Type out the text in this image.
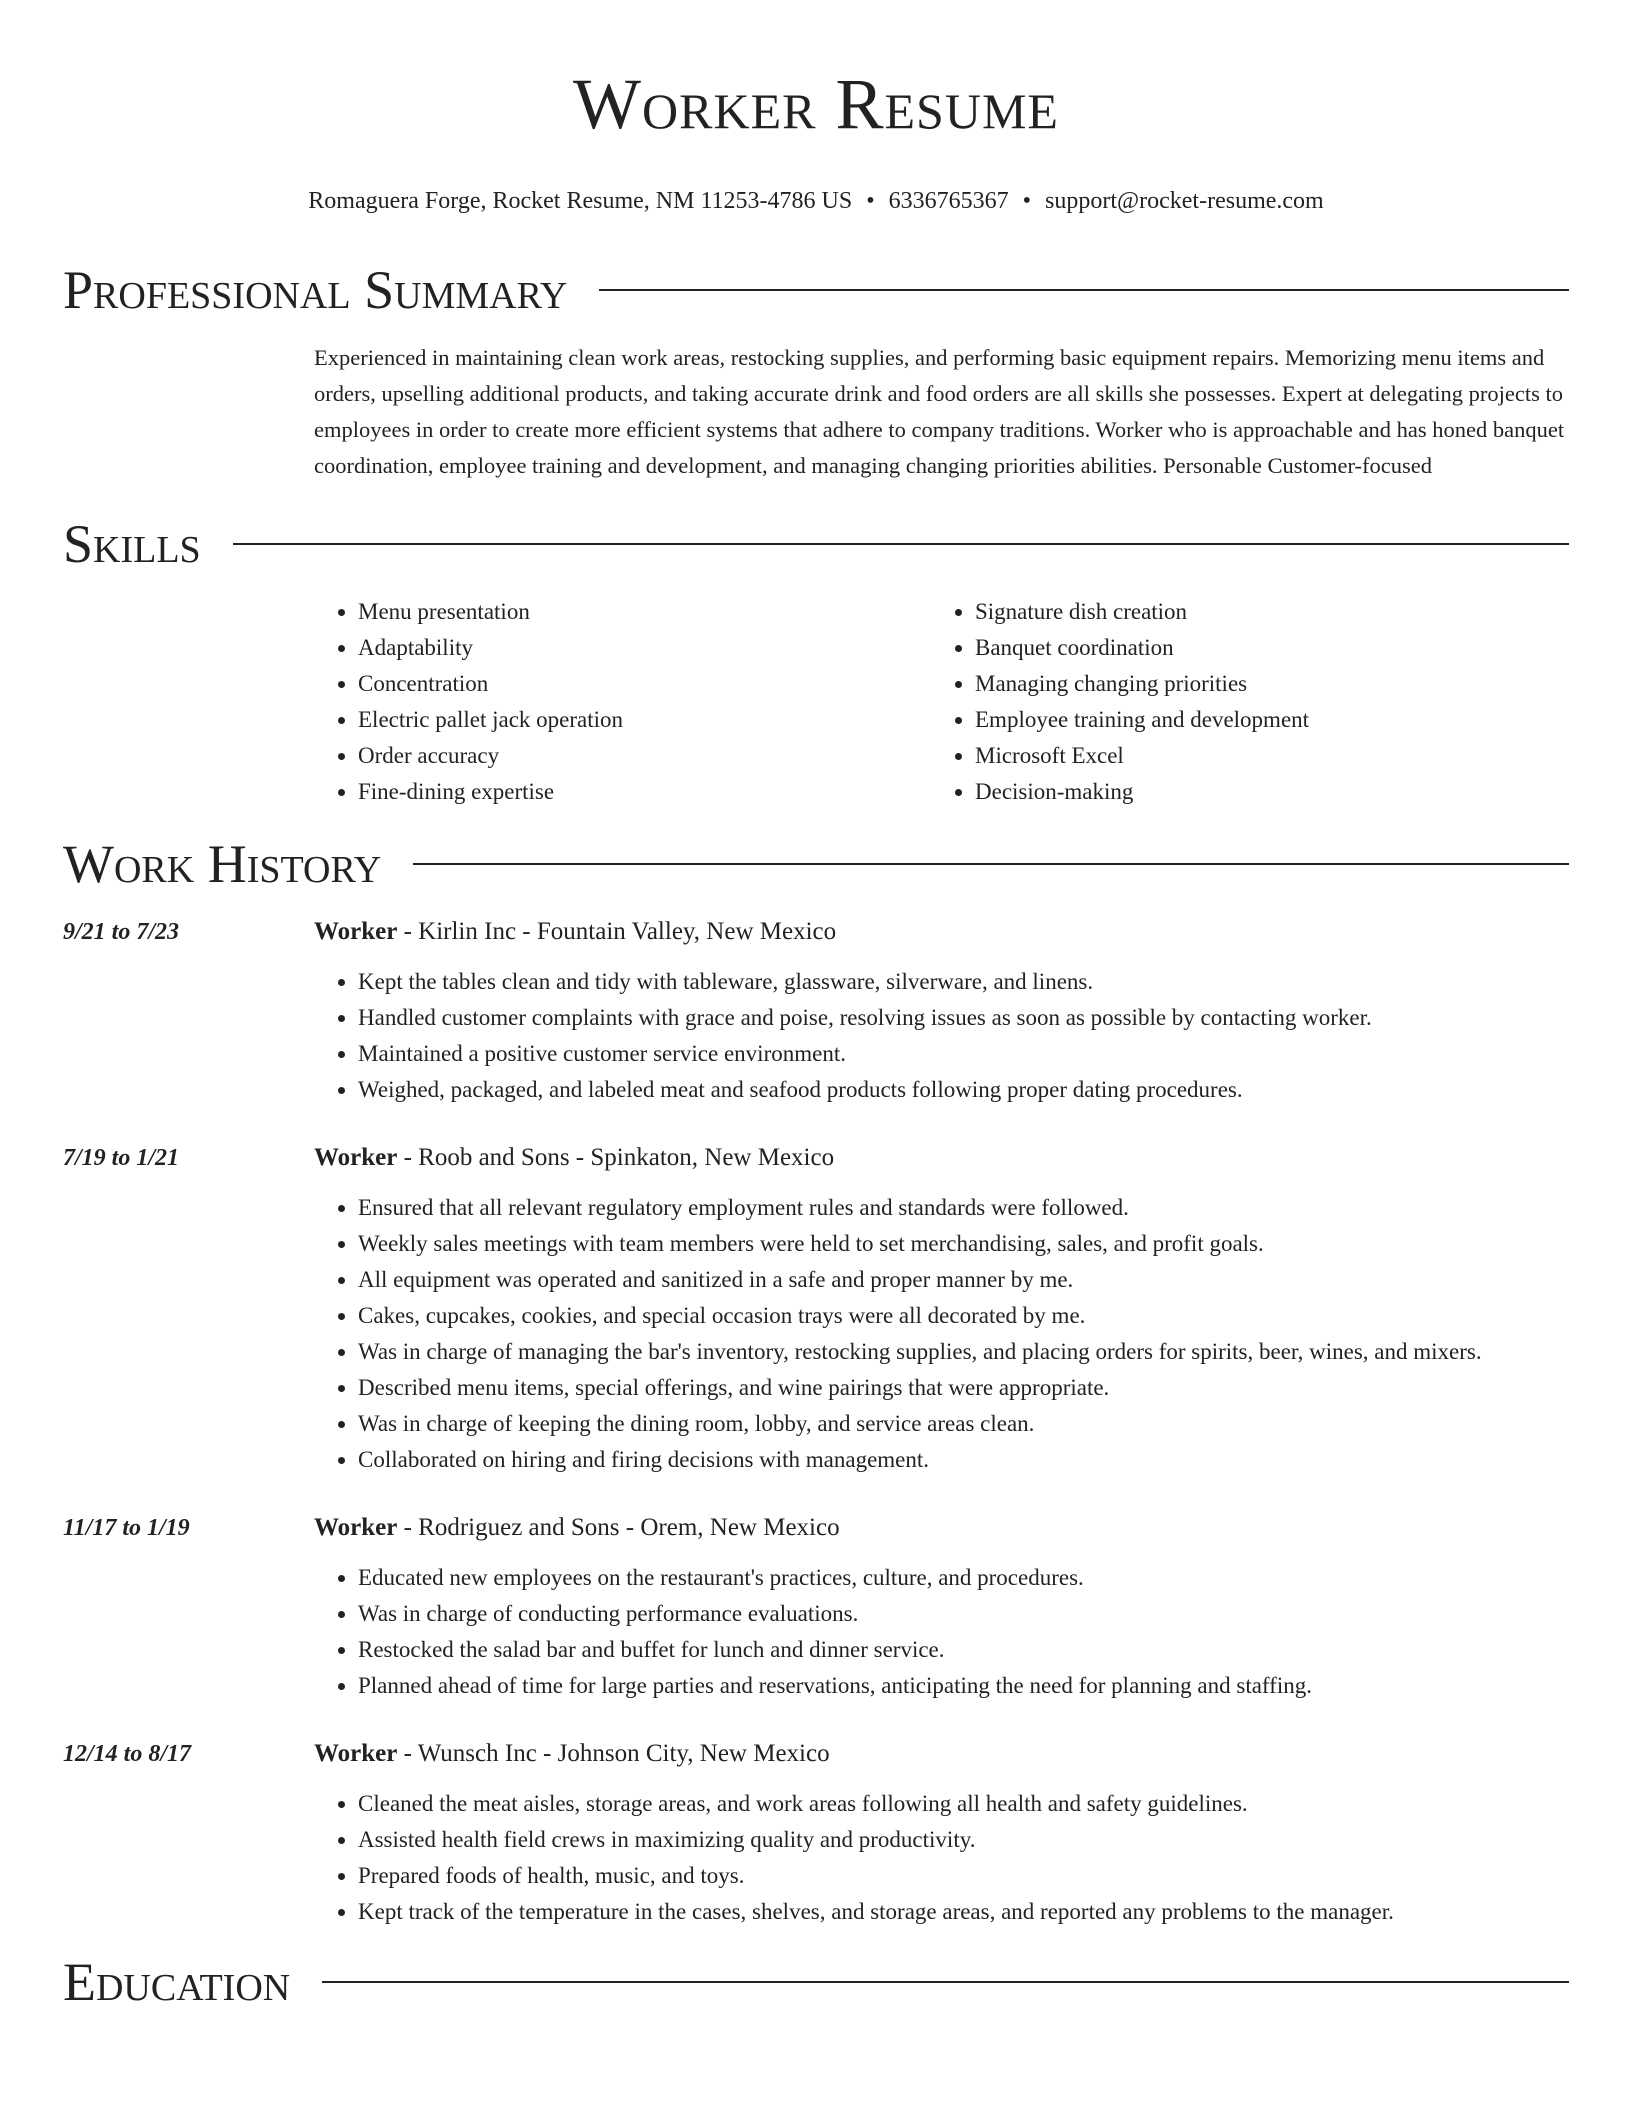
Worker Resume
Romaguera Forge, Rocket Resume, NM 11253-4786 US • 6336765367 • support@rocket-resume.com
Professional Summary
Experienced in maintaining clean work areas, restocking supplies, and performing basic equipment repairs. Memorizing menu items and orders, upselling additional products, and taking accurate drink and food orders are all skills she possesses. Expert at delegating projects to employees in order to create more efficient systems that adhere to company traditions. Worker who is approachable and has honed banquet coordination, employee training and development, and managing changing priorities abilities. Personable Customer-focused
Skills
• Menu presentation
• Adaptability
• Concentration
• Electric pallet jack operation
• Order accuracy
• Fine-dining expertise
• Signature dish creation
• Banquet coordination
• Managing changing priorities
• Employee training and development
• Microsoft Excel
• Decision-making
Work History
9/21 to 7/23	Worker - Kirlin Inc - Fountain Valley, New Mexico
• Kept the tables clean and tidy with tableware, glassware, silverware, and linens.
• Handled customer complaints with grace and poise, resolving issues as soon as possible by contacting worker.
• Maintained a positive customer service environment.
• Weighed, packaged, and labeled meat and seafood products following proper dating procedures.
7/19 to 1/21	Worker - Roob and Sons - Spinkaton, New Mexico
• Ensured that all relevant regulatory employment rules and standards were followed.
• Weekly sales meetings with team members were held to set merchandising, sales, and profit goals.
• All equipment was operated and sanitized in a safe and proper manner by me.
• Cakes, cupcakes, cookies, and special occasion trays were all decorated by me.
• Was in charge of managing the bar's inventory, restocking supplies, and placing orders for spirits, beer, wines, and mixers.
• Described menu items, special offerings, and wine pairings that were appropriate.
• Was in charge of keeping the dining room, lobby, and service areas clean.
• Collaborated on hiring and firing decisions with management.
11/17 to 1/19	Worker - Rodriguez and Sons - Orem, New Mexico
• Educated new employees on the restaurant's practices, culture, and procedures.
• Was in charge of conducting performance evaluations.
• Restocked the salad bar and buffet for lunch and dinner service.
• Planned ahead of time for large parties and reservations, anticipating the need for planning and staffing.
12/14 to 8/17	Worker - Wunsch Inc - Johnson City, New Mexico
• Cleaned the meat aisles, storage areas, and work areas following all health and safety guidelines.
• Assisted health field crews in maximizing quality and productivity.
• Prepared foods of health, music, and toys.
• Kept track of the temperature in the cases, shelves, and storage areas, and reported any problems to the manager.
Education
